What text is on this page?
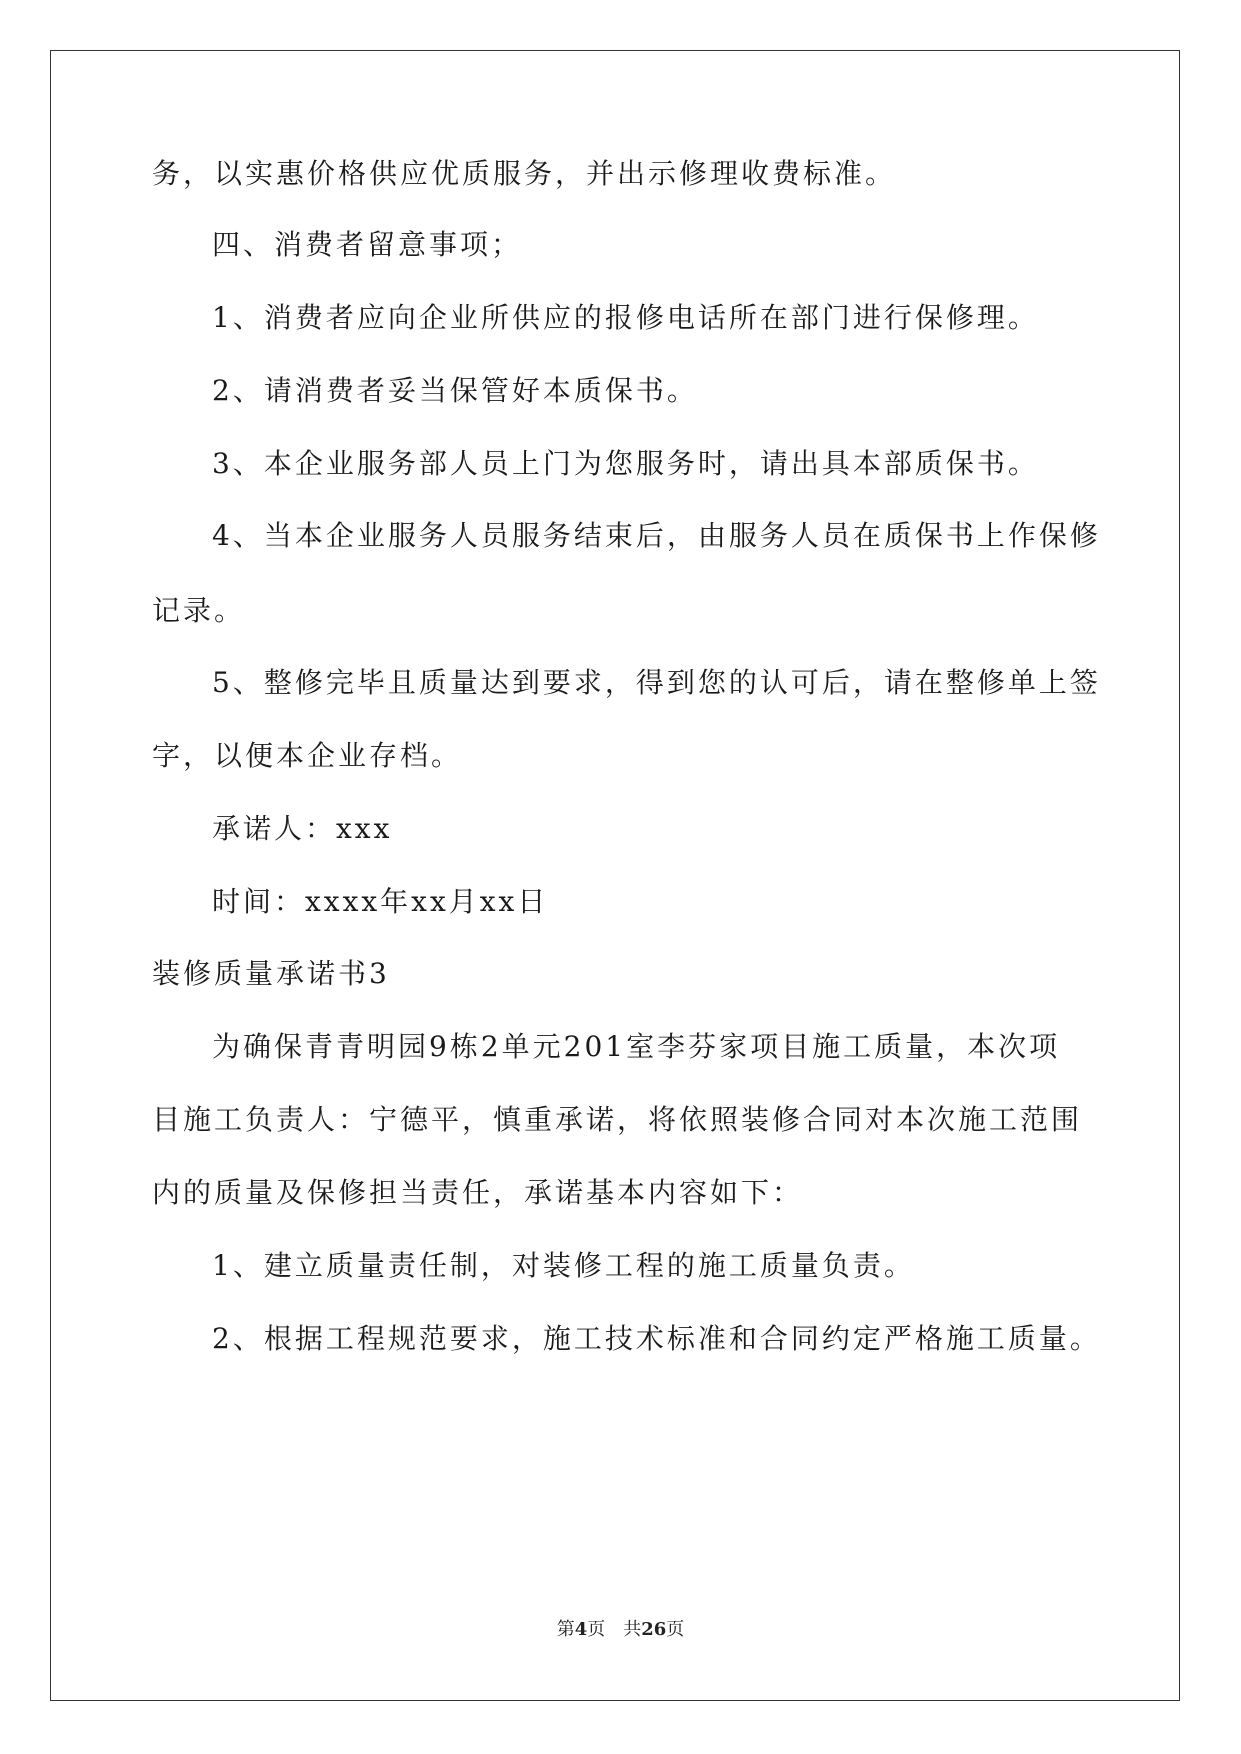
务，以实惠价格供应优质服务，并出示修理收费标准。
四、消费者留意事项；
1、消费者应向企业所供应的报修电话所在部门进行保修理。
2、请消费者妥当保管好本质保书。
3、本企业服务部人员上门为您服务时，请出具本部质保书。
4、当本企业服务人员服务结束后，由服务人员在质保书上作保修
记录。
5、整修完毕且质量达到要求，得到您的认可后，请在整修单上签
字，以便本企业存档。
承诺人：xxx
时间：xxxx年xx月xx日
装修质量承诺书3
为确保青青明园9栋2单元201室李芬家项目施工质量，本次项
目施工负责人：宁德平，慎重承诺，将依照装修合同对本次施工范围
内的质量及保修担当责任，承诺基本内容如下：
1、建立质量责任制，对装修工程的施工质量负责。
2、根据工程规范要求，施工技术标准和合同约定严格施工质量。
第4页　共26页
